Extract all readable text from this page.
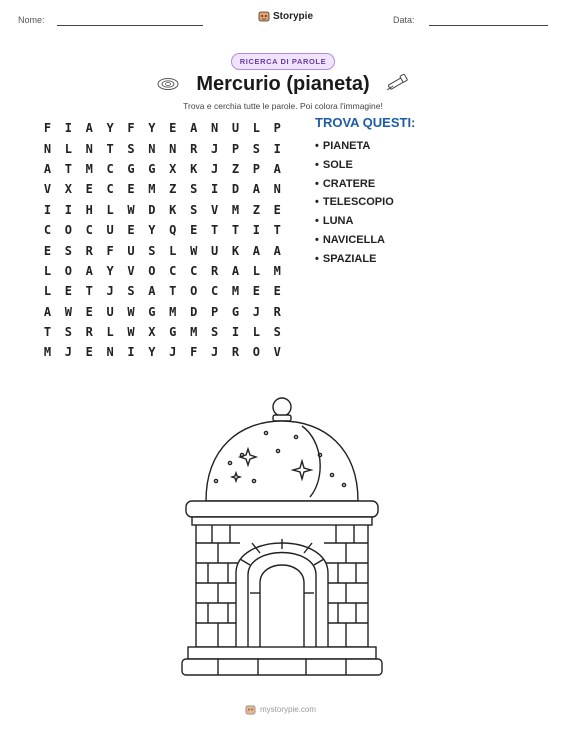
Nome:	Storypie	Data:
RICERCA DI PAROLE
Mercurio (pianeta)
Trova e cerchia tutte le parole. Poi colora l'immagine!
F	I	A	Y	F	Y	E	A	N	U	L	P
N	L	N	T	S	N	N	R	J	P	S	I
A	T	M	C	G	G	X	K	J	Z	P	A
V	X	E	C	E	M	Z	S	I	D	A	N
I	I	H	L	W	D	K	S	V	M	Z	E
C	O	C	U	E	Y	Q	E	T	T	I	T
E	S	R	F	U	S	L	W	U	K	A	A
L	O	A	Y	V	O	C	C	R	A	L	M
L	E	T	J	S	A	T	O	C	M	E	E
A	W	E	U	W	G	M	D	P	G	J	R
T	S	R	L	W	X	G	M	S	I	L	S
M	J	E	N	I	Y	J	F	J	R	O	V
TROVA QUESTI:
• PIANETA
• SOLE
• CRATERE
• TELESCOPIO
• LUNA
• NAVICELLA
• SPAZIALE
mystorypie.com
